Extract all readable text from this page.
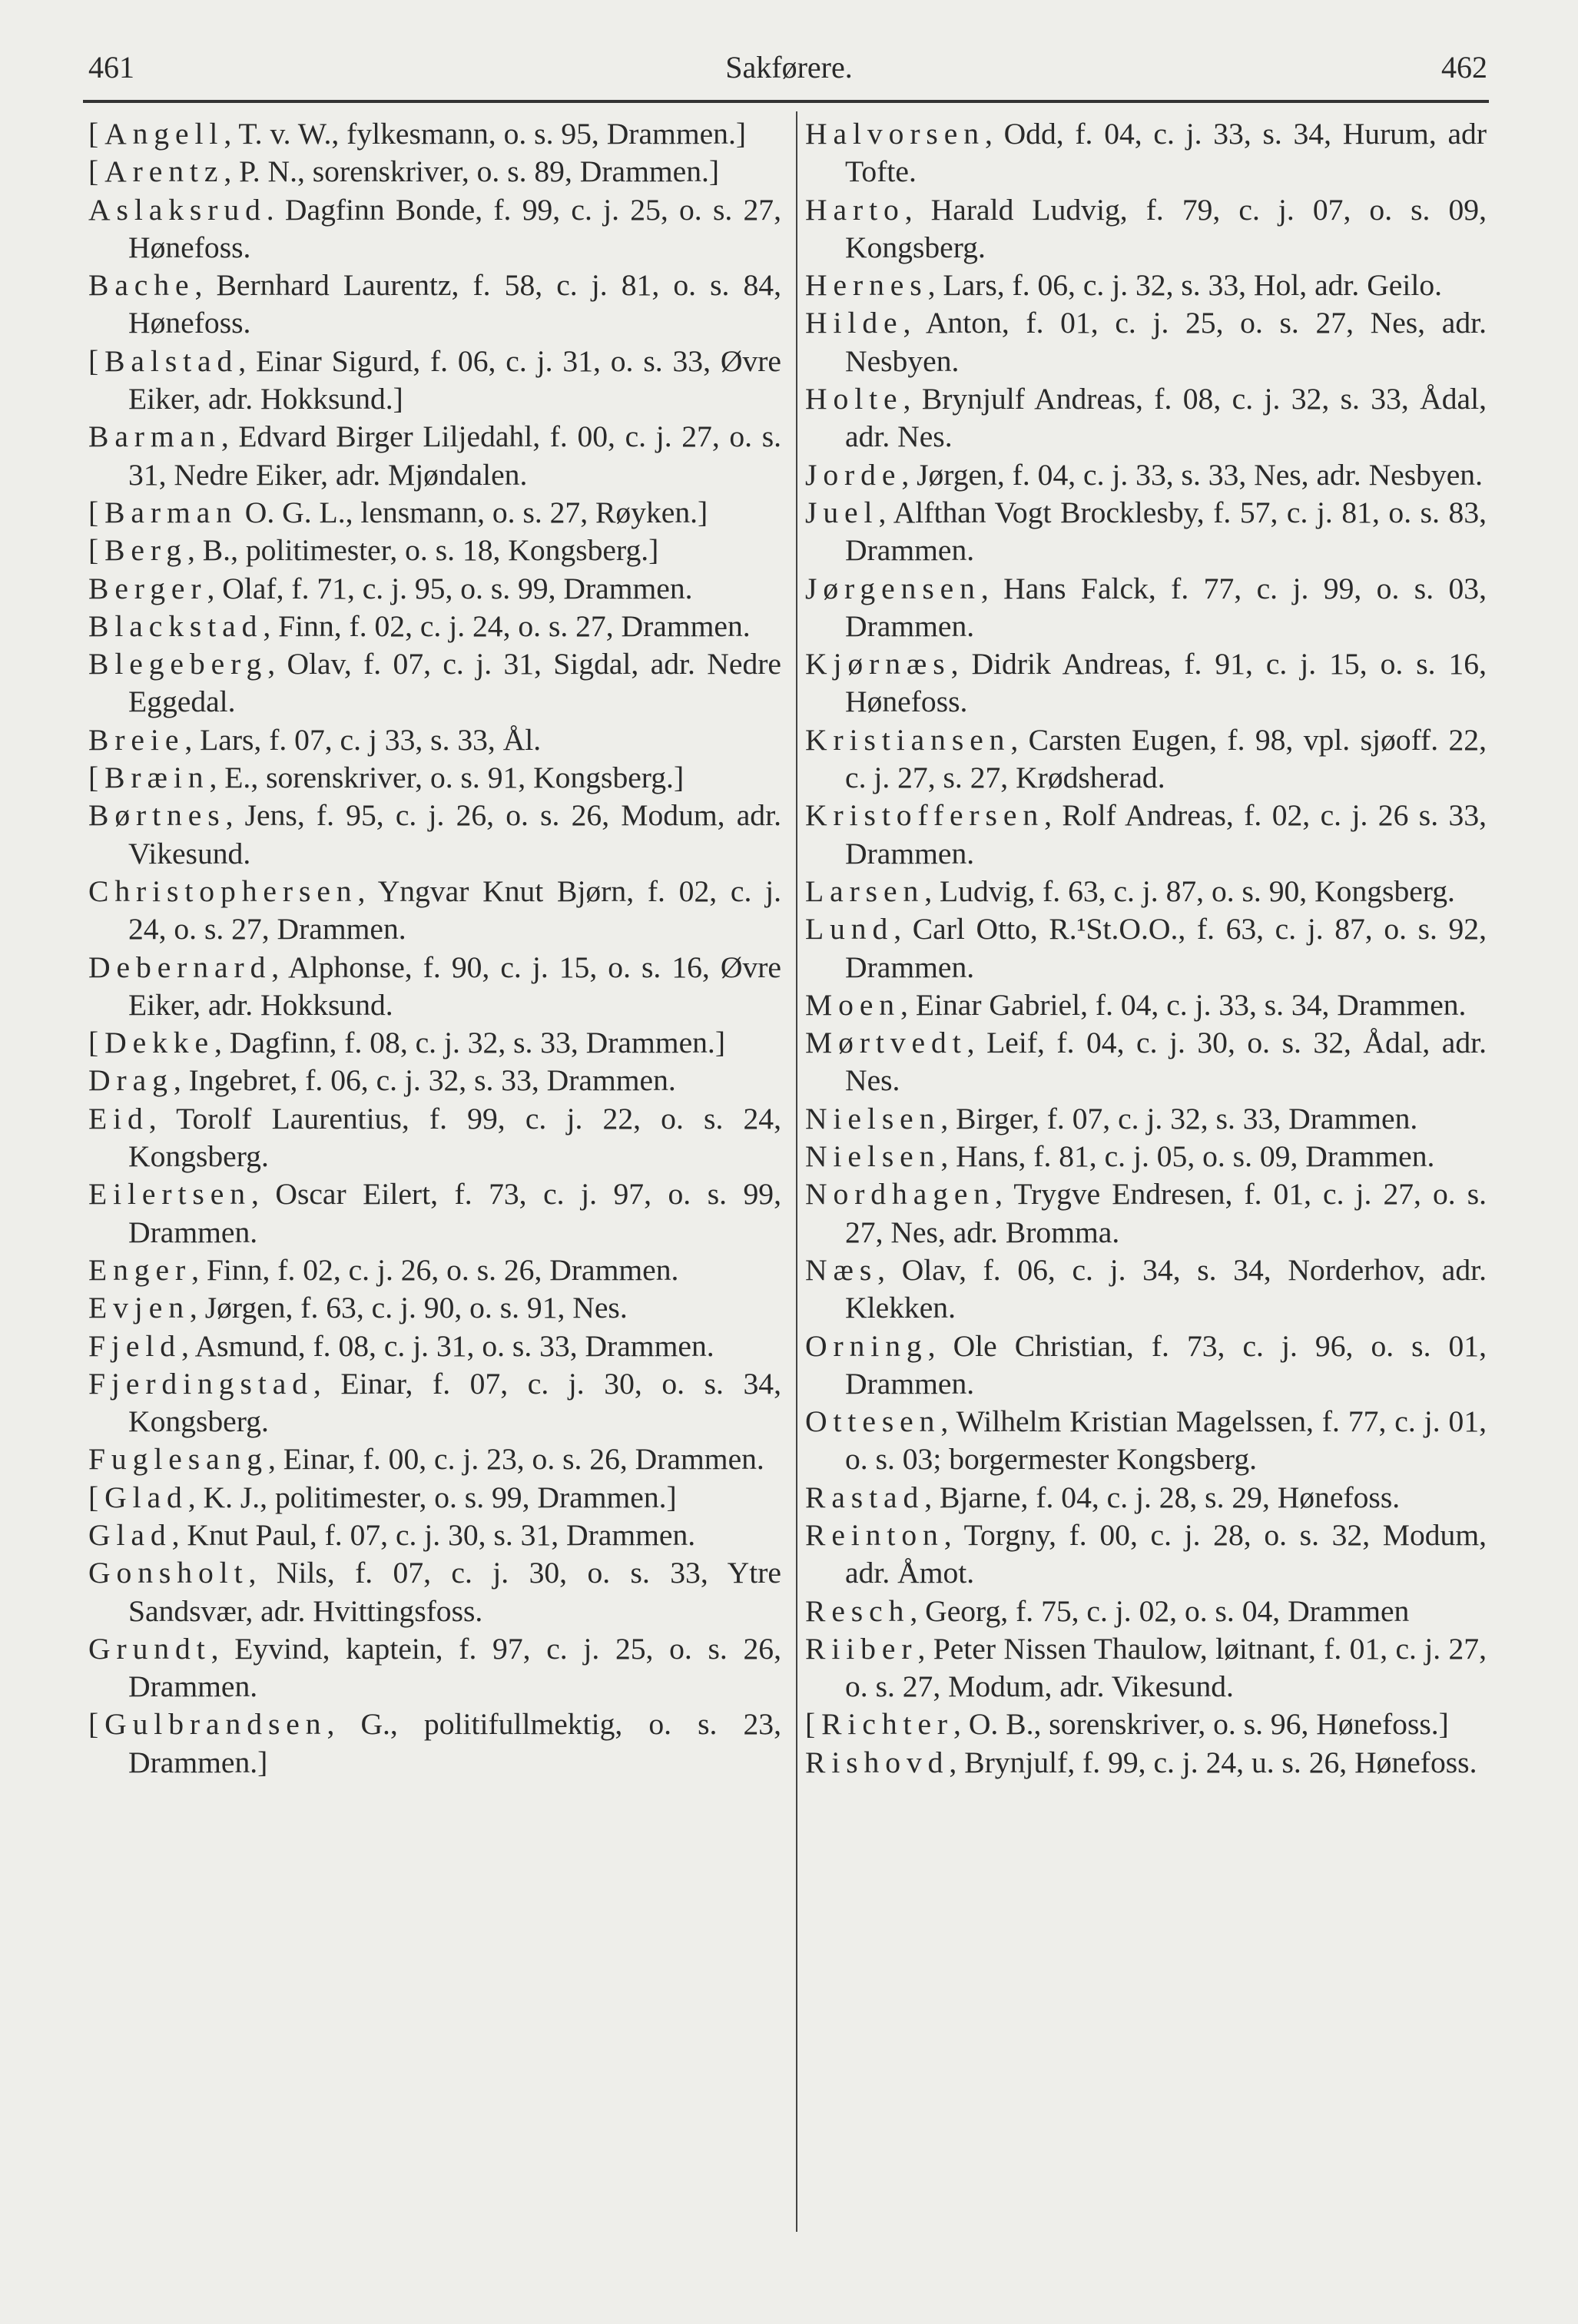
461	Sakførere.	462
[Angell, T. v. W., fylkesmann, o. s. 95, Drammen.]
[Arentz, P. N., sorenskriver, o. s. 89, Drammen.]
Aslaksrud. Dagfinn Bonde, f. 99, c. j. 25, o. s. 27, Hønefoss.
Bache, Bernhard Laurentz, f. 58, c. j. 81, o. s. 84, Hønefoss.
[Balstad, Einar Sigurd, f. 06, c. j. 31, o. s. 33, Øvre Eiker, adr. Hokksund.]
Barman, Edvard Birger Liljedahl, f. 00, c. j. 27, o. s. 31, Nedre Eiker, adr. Mjøndalen.
[Barman O. G. L., lensmann, o. s. 27, Røyken.]
[Berg, B., politimester, o. s. 18, Kongsberg.]
Berger, Olaf, f. 71, c. j. 95, o. s. 99, Drammen.
Blackstad, Finn, f. 02, c. j. 24, o. s. 27, Drammen.
Blegeberg, Olav, f. 07, c. j. 31, Sigdal, adr. Nedre Eggedal.
Breie, Lars, f. 07, c. j 33, s. 33, Ål.
[Bræin, E., sorenskriver, o. s. 91, Kongsberg.]
Børtnes, Jens, f. 95, c. j. 26, o. s. 26, Modum, adr. Vikesund.
Christophersen, Yngvar Knut Bjørn, f. 02, c. j. 24, o. s. 27, Drammen.
Debernard, Alphonse, f. 90, c. j. 15, o. s. 16, Øvre Eiker, adr. Hokksund.
[Dekke, Dagfinn, f. 08, c. j. 32, s. 33, Drammen.]
Drag, Ingebret, f. 06, c. j. 32, s. 33, Drammen.
Eid, Torolf Laurentius, f. 99, c. j. 22, o. s. 24, Kongsberg.
Eilertsen, Oscar Eilert, f. 73, c. j. 97, o. s. 99, Drammen.
Enger, Finn, f. 02, c. j. 26, o. s. 26, Drammen.
Evjen, Jørgen, f. 63, c. j. 90, o. s. 91, Nes.
Fjeld, Asmund, f. 08, c. j. 31, o. s. 33, Drammen.
Fjerdingstad, Einar, f. 07, c. j. 30, o. s. 34, Kongsberg.
Fuglesang, Einar, f. 00, c. j. 23, o. s. 26, Drammen.
[Glad, K. J., politimester, o. s. 99, Drammen.]
Glad, Knut Paul, f. 07, c. j. 30, s. 31, Drammen.
Gonsholt, Nils, f. 07, c. j. 30, o. s. 33, Ytre Sandsvær, adr. Hvittingsfoss.
Grundt, Eyvind, kaptein, f. 97, c. j. 25, o. s. 26, Drammen.
[Gulbrandsen, G., politifullmektig, o. s. 23, Drammen.]
Halvorsen, Odd, f. 04, c. j. 33, s. 34, Hurum, adr Tofte.
Harto, Harald Ludvig, f. 79, c. j. 07, o. s. 09, Kongsberg.
Hernes, Lars, f. 06, c. j. 32, s. 33, Hol, adr. Geilo.
Hilde, Anton, f. 01, c. j. 25, o. s. 27, Nes, adr. Nesbyen.
Holte, Brynjulf Andreas, f. 08, c. j. 32, s. 33, Ådal, adr. Nes.
Jorde, Jørgen, f. 04, c. j. 33, s. 33, Nes, adr. Nesbyen.
Juel, Alfthan Vogt Brocklesby, f. 57, c. j. 81, o. s. 83, Drammen.
Jørgensen, Hans Falck, f. 77, c. j. 99, o. s. 03, Drammen.
Kjørnæs, Didrik Andreas, f. 91, c. j. 15, o. s. 16, Hønefoss.
Kristiansen, Carsten Eugen, f. 98, vpl. sjøoff. 22, c. j. 27, s. 27, Krødsherad.
Kristoffersen, Rolf Andreas, f. 02, c. j. 26 s. 33, Drammen.
Larsen, Ludvig, f. 63, c. j. 87, o. s. 90, Kongsberg.
Lund, Carl Otto, R.¹St.O.O., f. 63, c. j. 87, o. s. 92, Drammen.
Moen, Einar Gabriel, f. 04, c. j. 33, s. 34, Drammen.
Mørtvedt, Leif, f. 04, c. j. 30, o. s. 32, Ådal, adr. Nes.
Nielsen, Birger, f. 07, c. j. 32, s. 33, Drammen.
Nielsen, Hans, f. 81, c. j. 05, o. s. 09, Drammen.
Nordhagen, Trygve Endresen, f. 01, c. j. 27, o. s. 27, Nes, adr. Bromma.
Næs, Olav, f. 06, c. j. 34, s. 34, Norderhov, adr. Klekken.
Orning, Ole Christian, f. 73, c. j. 96, o. s. 01, Drammen.
Ottesen, Wilhelm Kristian Magelssen, f. 77, c. j. 01, o. s. 03; borgermester Kongsberg.
Rastad, Bjarne, f. 04, c. j. 28, s. 29, Hønefoss.
Reinton, Torgny, f. 00, c. j. 28, o. s. 32, Modum, adr. Åmot.
Resch, Georg, f. 75, c. j. 02, o. s. 04, Drammen
Riiber, Peter Nissen Thaulow, løitnant, f. 01, c. j. 27, o. s. 27, Modum, adr. Vikesund.
[Richter, O. B., sorenskriver, o. s. 96, Hønefoss.]
Rishovd, Brynjulf, f. 99, c. j. 24, u. s. 26, Hønefoss.
